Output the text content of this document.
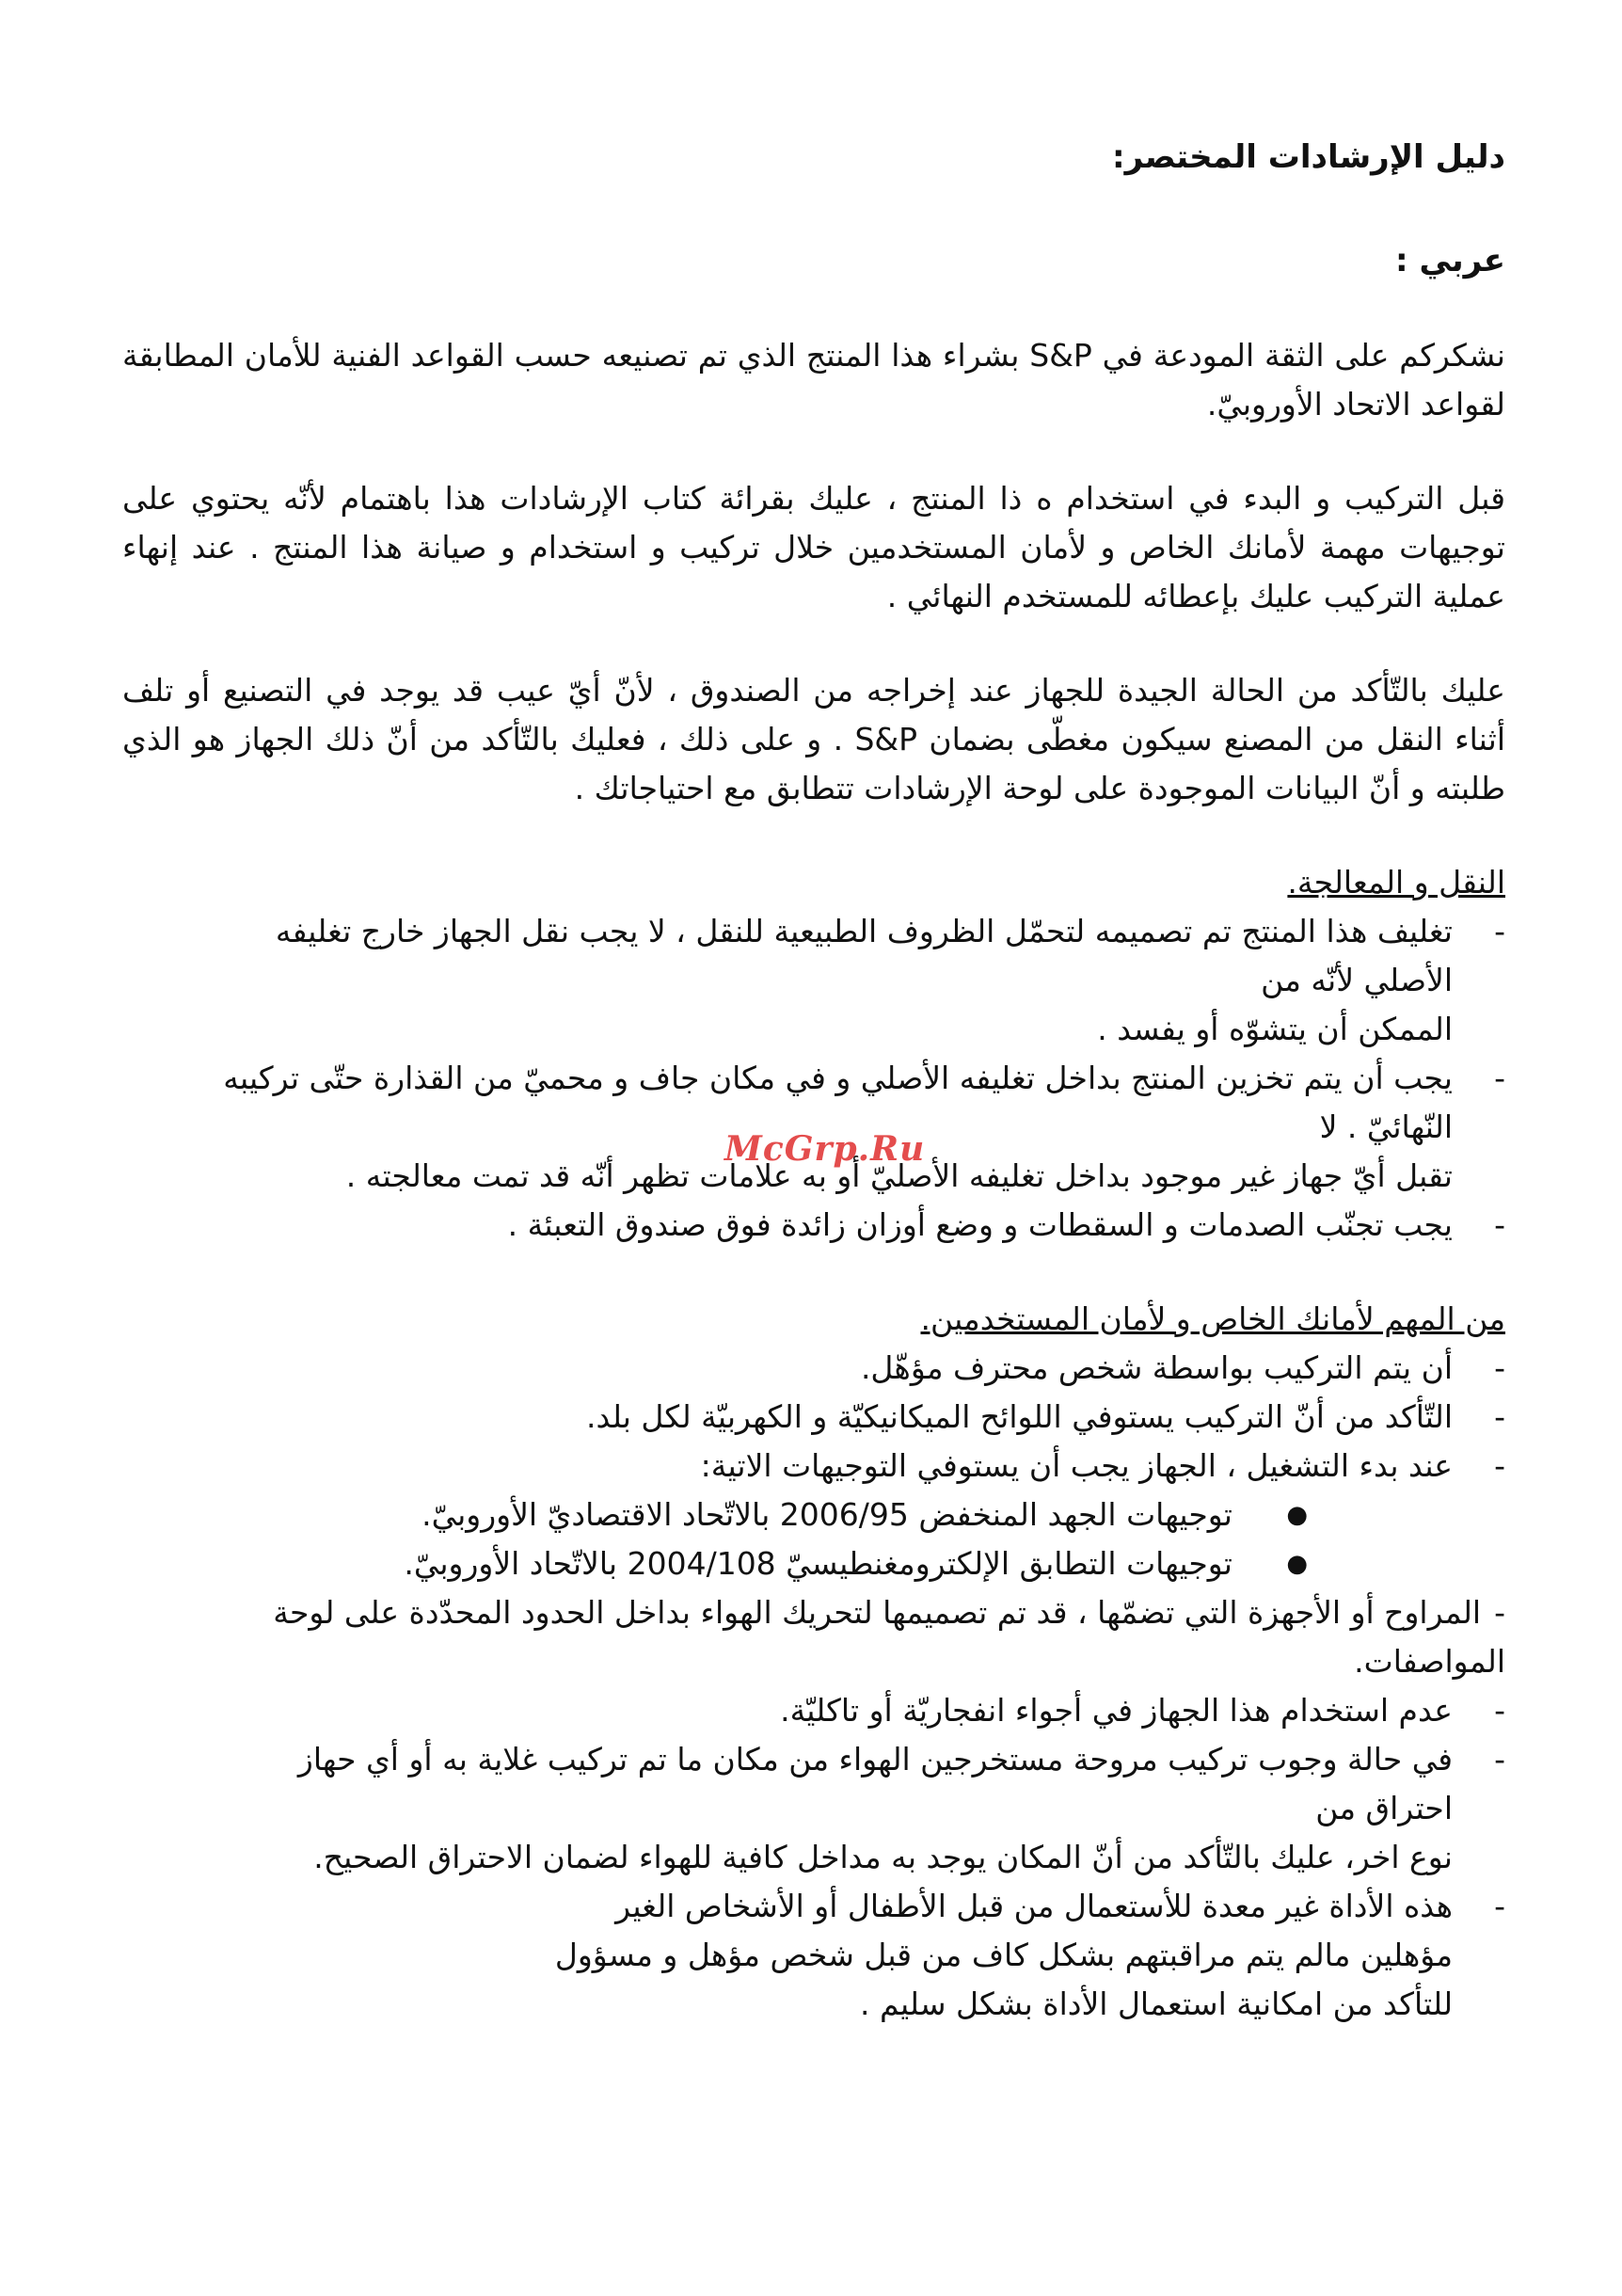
دليل الإرشادات المختصر:
عربي :

نشكركم على الثقة المودعة في S&P بشراء هذا المنتج الذي تم تصنيعه حسب القواعد الفنية للأمان المطابقة لقواعد الاتحاد الأوروبيّ.

قبل التركيب و البدء في استخدام ه ذا المنتج ، عليك بقرائة كتاب الإرشادات هذا باهتمام لأنّه يحتوي على توجيهات مهمة لأمانك الخاص و لأمان المستخدمين خلال تركيب و استخدام و صيانة هذا المنتج . عند إنهاء عملية التركيب عليك بإعطائه للمستخدم النهائي .

عليك بالتّأكد من الحالة الجيدة للجهاز عند إخراجه من الصندوق ، لأنّ أيّ عيب قد يوجد في التصنيع أو تلف أثناء النقل من المصنع سيكون مغطّى بضمان S&P . و على ذلك ، فعليك بالتّأكد من أنّ ذلك الجهاز هو الذي طلبته و أنّ البيانات الموجودة على لوحة الإرشادات تتطابق مع احتياجاتك .

النقل و المعالجة.
- تغليف هذا المنتج تم تصميمه لتحمّل الظروف الطبيعية للنقل ، لا يجب نقل الجهاز خارج تغليفه
الأصلي لأنّه من
الممكن أن يتشوّه أو يفسد .
- يجب أن يتم تخزين المنتج بداخل تغليفه الأصلي و في مكان جاف و محميّ من القذارة حتّى تركيبه
النّهائيّ . لا
تقبل أيّ جهاز غير موجود بداخل تغليفه الأصليّ أو به علامات تظهر أنّه قد تمت معالجته .
- يجب تجنّب الصدمات و السقطات و وضع أوزان زائدة فوق صندوق التعبئة .
من المهم لأمانك الخاص و لأمان المستخدمين.
- أن يتم التركيب بواسطة شخص محترف مؤهّل.
- التّأكد من أنّ التركيب يستوفي اللوائح الميكانيكيّة و الكهربيّة لكل بلد.
- عند بدء التشغيل ، الجهاز يجب أن يستوفي التوجيهات الاتية:
● توجيهات الجهد المنخفض 2006/95 بالاتّحاد الاقتصاديّ الأوروبيّ.
● توجيهات التطابق الإلكترومغنطيسيّ 2004/108 بالاتّحاد الأوروبيّ.
-المراوح أو الأجهزة التي تضمّها ، قد تم تصميمها لتحريك الهواء بداخل الحدود المحدّدة على لوحة
المواصفات.
- عدم استخدام هذا الجهاز في أجواء انفجاريّة أو تاكليّة.
- في حالة وجوب تركيب مروحة مستخرجين الهواء من مكان ما تم تركيب غلاية به أو أي حهاز
احتراق من
نوع اخر، عليك بالتّأكد من أنّ المكان يوجد به مداخل كافية للهواء لضمان الاحتراق الصحيح.
- هذه الأداة غير معدة للأستعمال من قبل الأطفال أو الأشخاص الغير
مؤهلين مالم يتم مراقبتهم بشكل كاف من قبل شخص مؤهل و مسؤول
للتأكد من امكانية استعمال الأداة بشكل سليم .
McGrp.Ru
